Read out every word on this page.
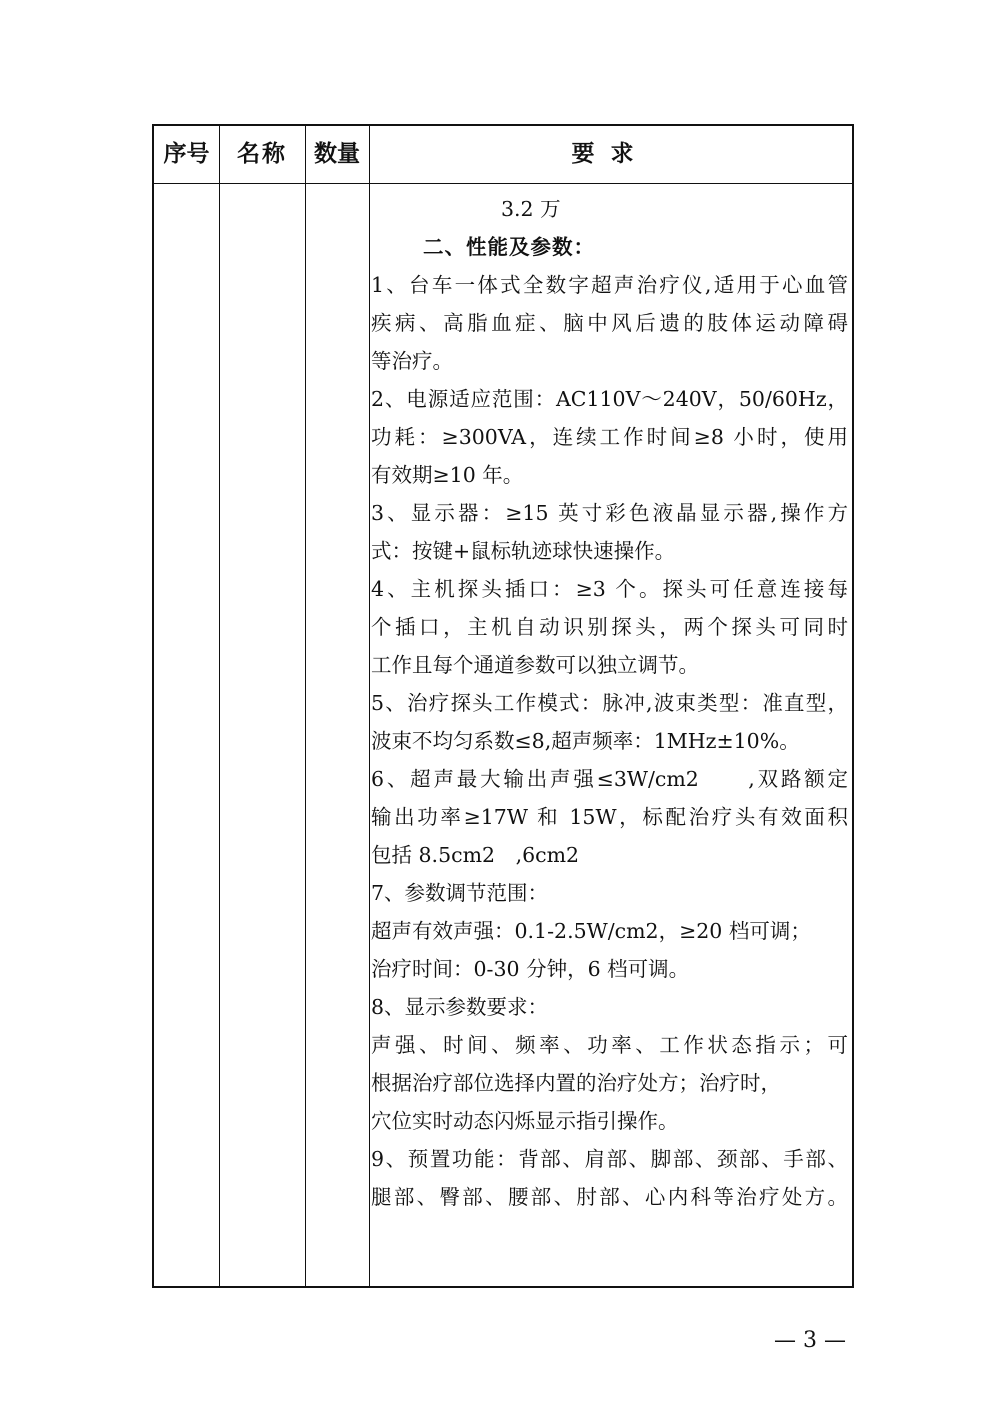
序号	名称	数量	要求
3.2 万
二、性能及参数：
1、台车一体式全数字超声治疗仪,适用于心血管
疾病、高脂血症、脑中风后遗的肢体运动障碍
等治疗。
2、电源适应范围：AC110V～240V，50/60Hz，
功耗：≥300VA，连续工作时间≥8 小时，使用
有效期≥10 年。
3、显示器：≥15 英寸彩色液晶显示器,操作方
式：按键+鼠标轨迹球快速操作。
4、主机探头插口：≥3 个。探头可任意连接每
个插口，主机自动识别探头，两个探头可同时
工作且每个通道参数可以独立调节。
5、治疗探头工作模式：脉冲,波束类型：准直型，
波束不均匀系数≤8,超声频率：1MHz±10%。
6、超声最大输出声强≤3W/cm2　　,双路额定
输出功率≥17W 和 15W，标配治疗头有效面积
包括 8.5cm2　,6cm2
7、参数调节范围：
超声有效声强：0.1-2.5W/cm2，≥20 档可调；
治疗时间：0-30 分钟，6 档可调。
8、显示参数要求：
声强、时间、频率、功率、工作状态指示；可
根据治疗部位选择内置的治疗处方；治疗时，
穴位实时动态闪烁显示指引操作。
9、预置功能：背部、肩部、脚部、颈部、手部、
腿部、臀部、腰部、肘部、心内科等治疗处方。
— 3 —
